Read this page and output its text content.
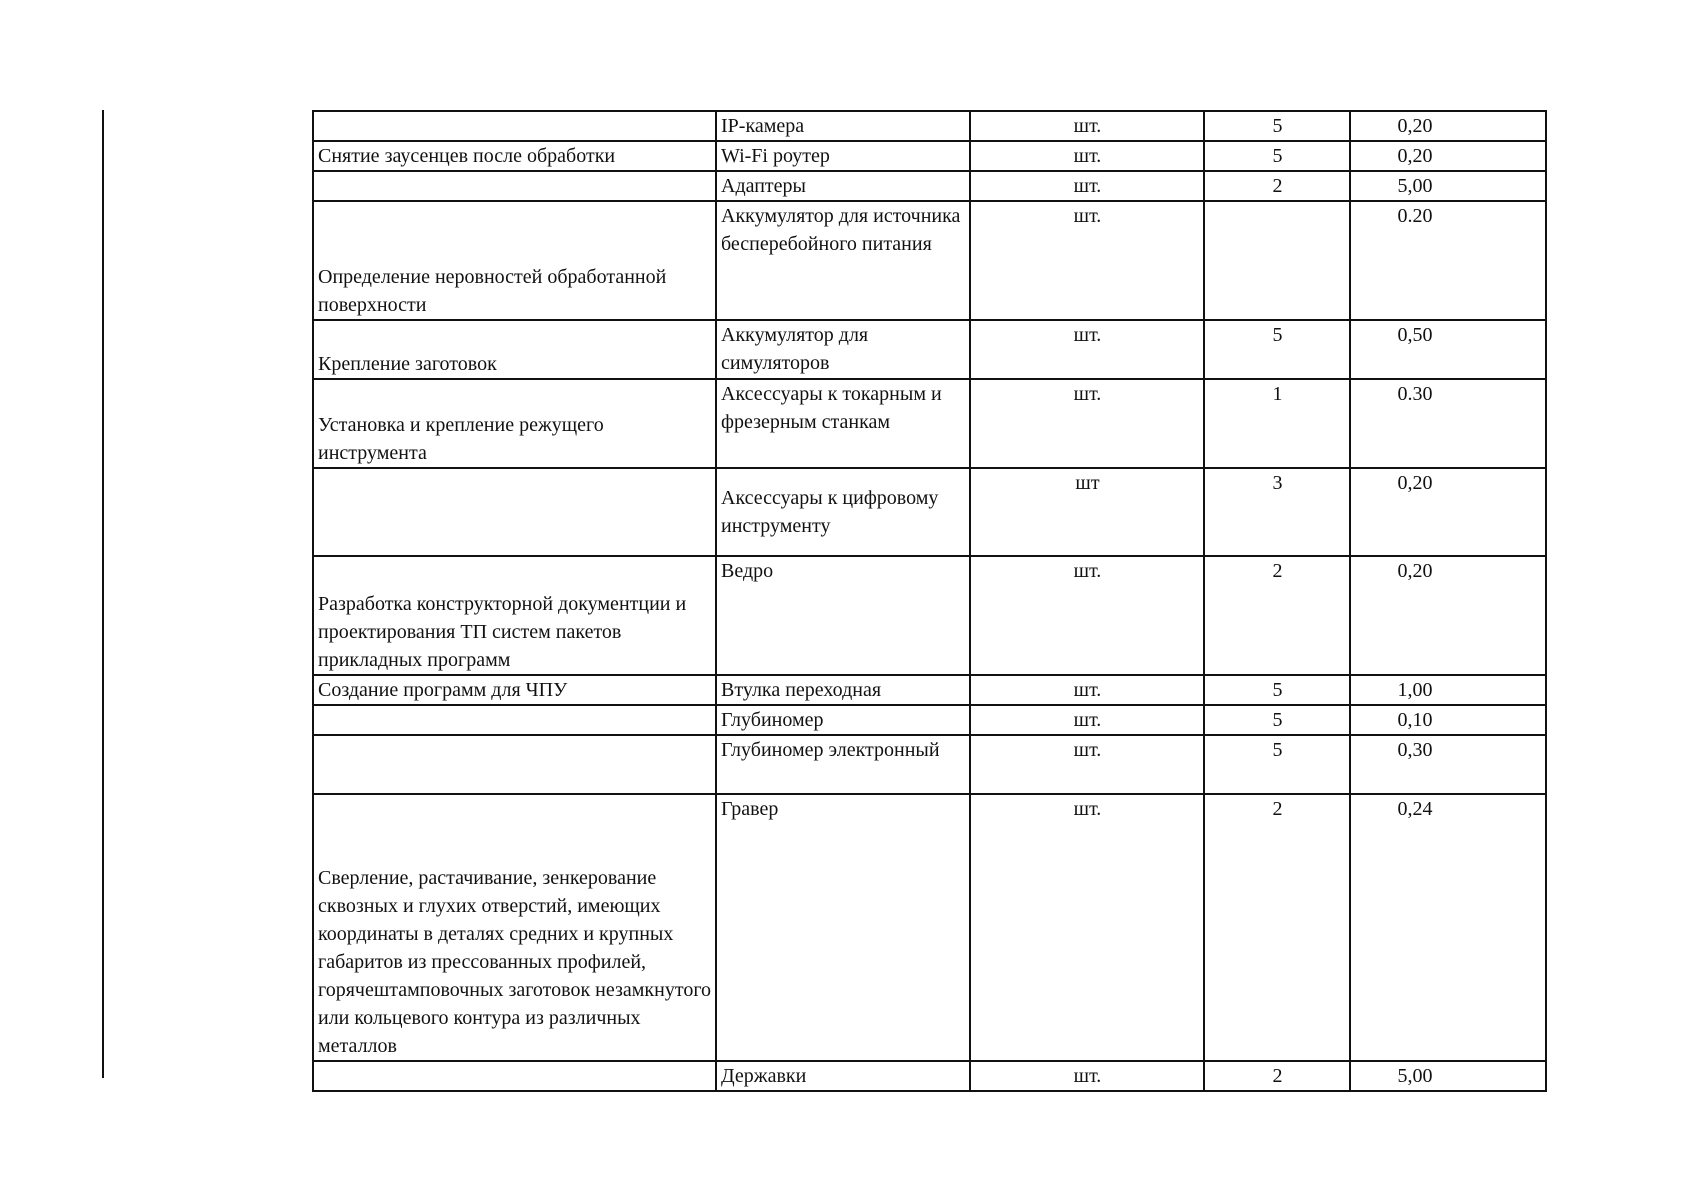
	IP-камера	шт.	5	0,20
Снятие заусенцев после обработки	Wi-Fi роутер	шт.	5	0,20
	Адаптеры	шт.	2	5,00
Определение неровностей обработанной поверхности	Аккумулятор для источника бесперебойного питания	шт.		0.20
Крепление заготовок	Аккумулятор для симуляторов	шт.	5	0,50
Установка и крепление режущего инструмента	Аксессуары к токарным и фрезерным станкам	шт.	1	0.30
	Аксессуары к цифровому инструменту	шт	3	0,20
Разработка конструкторной документции и проектирования ТП систем пакетов прикладных программ	Ведро	шт.	2	0,20
Создание программ для ЧПУ	Втулка переходная	шт.	5	1,00
	Глубиномер	шт.	5	0,10
	Глубиномер электронный	шт.	5	0,30
Сверление, растачивание, зенкерование сквозных и глухих отверстий, имеющих координаты в деталях средних и крупных габаритов из прессованных профилей, горячештамповочных заготовок незамкнутого или кольцевого контура из различных металлов	Гравер	шт.	2	0,24
	Державки	шт.	2	5,00
